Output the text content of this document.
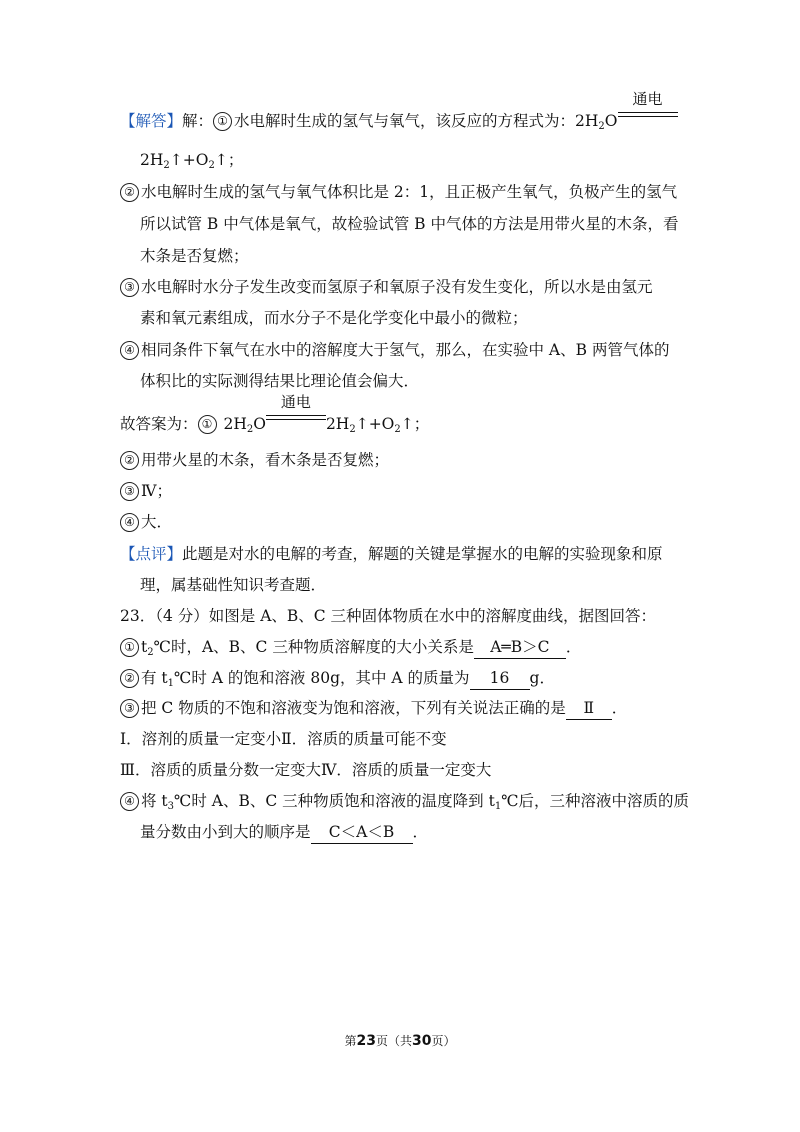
【解答】解： ① 水电解时生成的氢气与氧气，该反应的方程式为：$2H_2O$
通电
$2H_2↑+O_2↑$；
② 水电解时生成的氢气与氧气体积比是 2：1，且正极产生氧气，负极产生的氢气
所以试管 B 中气体是氧气，故检验试管 B 中气体的方法是用带火星的木条，看
木条是否复燃；
③ 水电解时水分子发生改变而氢原子和氧原子没有发生变化，所以水是由氢元
素和氧元素组成，而水分子不是化学变化中最小的微粒；
④ 相同条件下氧气在水中的溶解度大于氢气，那么，在实验中 A、B 两管气体的
体积比的实际测得结果比理论值会偏大．
故答案为： ① $2H_2O$
通电
$2H_2↑+O_2↑$；
② 用带火星的木条，看木条是否复燃；
③ Ⅳ；
④ 大．
【点评】此题是对水的电解的考查，解题的关键是掌握水的电解的实验现象和原
理，属基础性知识考查题．
23．（4 分）如图是 A、B、C 三种固体物质在水中的溶解度曲线，据图回答：
① $t_2℃$时，A、B、C 三种物质溶解度的大小关系是 A═B＞C ．
② 有 $t_1℃$时 A 的饱和溶液 80g，其中 A 的质量为 16 g．
③ 把 C 物质的不饱和溶液变为饱和溶液，下列有关说法正确的是 Ⅱ ．
Ⅰ．溶剂的质量一定变小Ⅱ．溶质的质量可能不变
Ⅲ．溶质的质量分数一定变大Ⅳ．溶质的质量一定变大
④ 将 $t_3℃$时 A、B、C 三种物质饱和溶液的温度降到 $t_1℃$后，三种溶液中溶质的质
量分数由小到大的顺序是 C＜A＜B ．
第23页（共30页）
